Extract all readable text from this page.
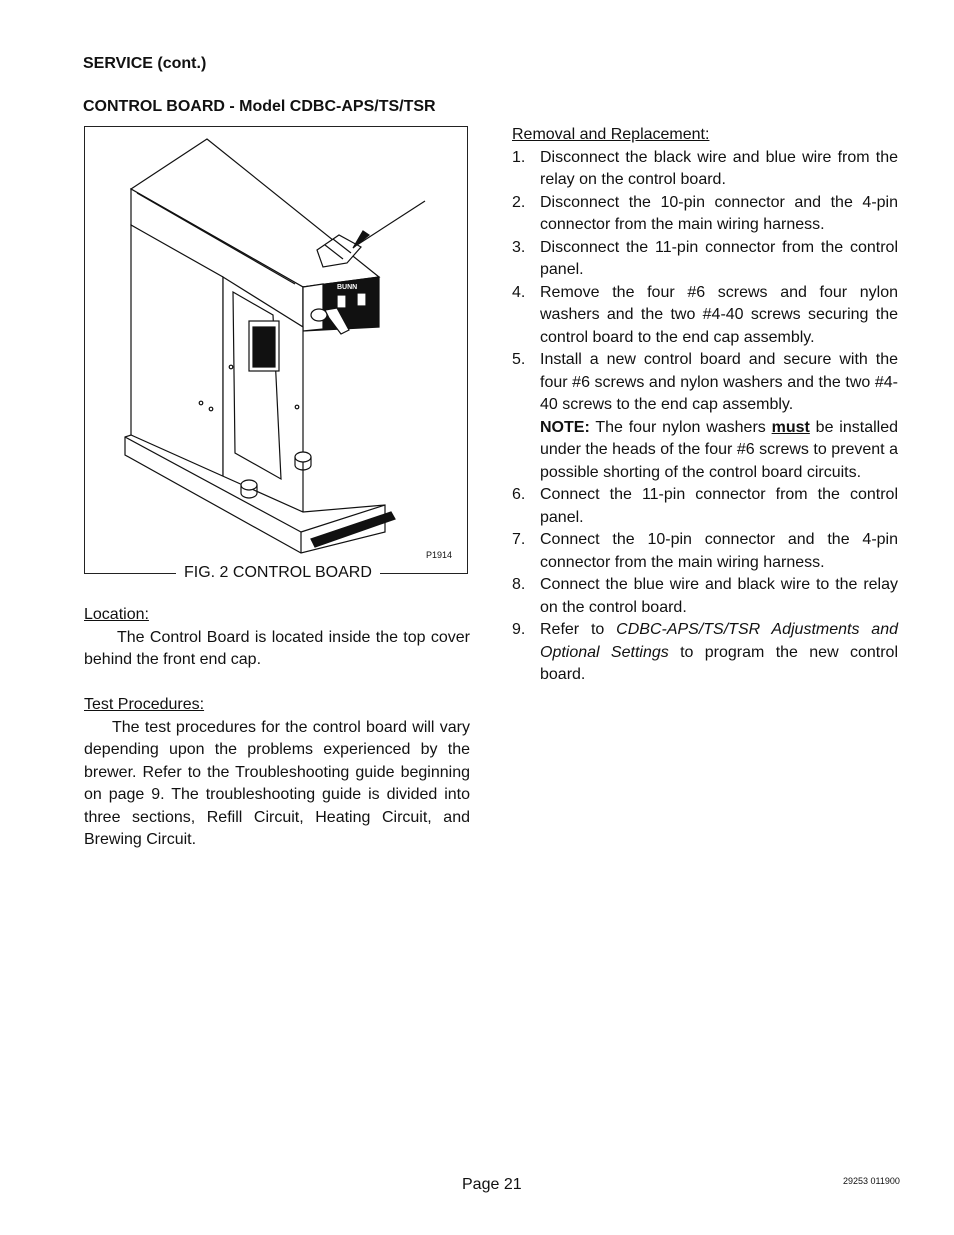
SERVICE (cont.)
CONTROL BOARD - Model CDBC-APS/TS/TSR
BUNN
FIG. 2 CONTROL BOARD
P1914

Location:

The Control Board is located inside the top cover behind the front end cap.

Test Procedures:

The test procedures for the control board will vary depending upon the problems experienced by the brewer. Refer to the Troubleshooting guide beginning on page 9. The troubleshooting guide is divided into three sections, Refill Circuit, Heating Circuit, and Brewing Circuit.

Removal and Replacement:

1. Disconnect the black wire and blue wire from the relay on the control board.
2. Disconnect the 10-pin connector and the 4-pin connector from the main wiring harness.
3. Disconnect the 11-pin connector from the control panel.
4. Remove the four #6 screws and four nylon washers and the two #4-40 screws securing the control board to the end cap assembly.
5. Install a new control board and secure with the four #6 screws and nylon washers and the two #4-40 screws to the end cap assembly.
NOTE: The four nylon washers must be installed under the heads of the four #6 screws to prevent a possible shorting of the control board circuits.
6. Connect the 11-pin connector from the control panel.
7. Connect the 10-pin connector and the 4-pin connector from the main wiring harness.
8. Connect the blue wire and black wire to the relay on the control board.
9. Refer to CDBC-APS/TS/TSR Adjustments and Optional Settings to program the new control board.
Page 21	29253 011900
